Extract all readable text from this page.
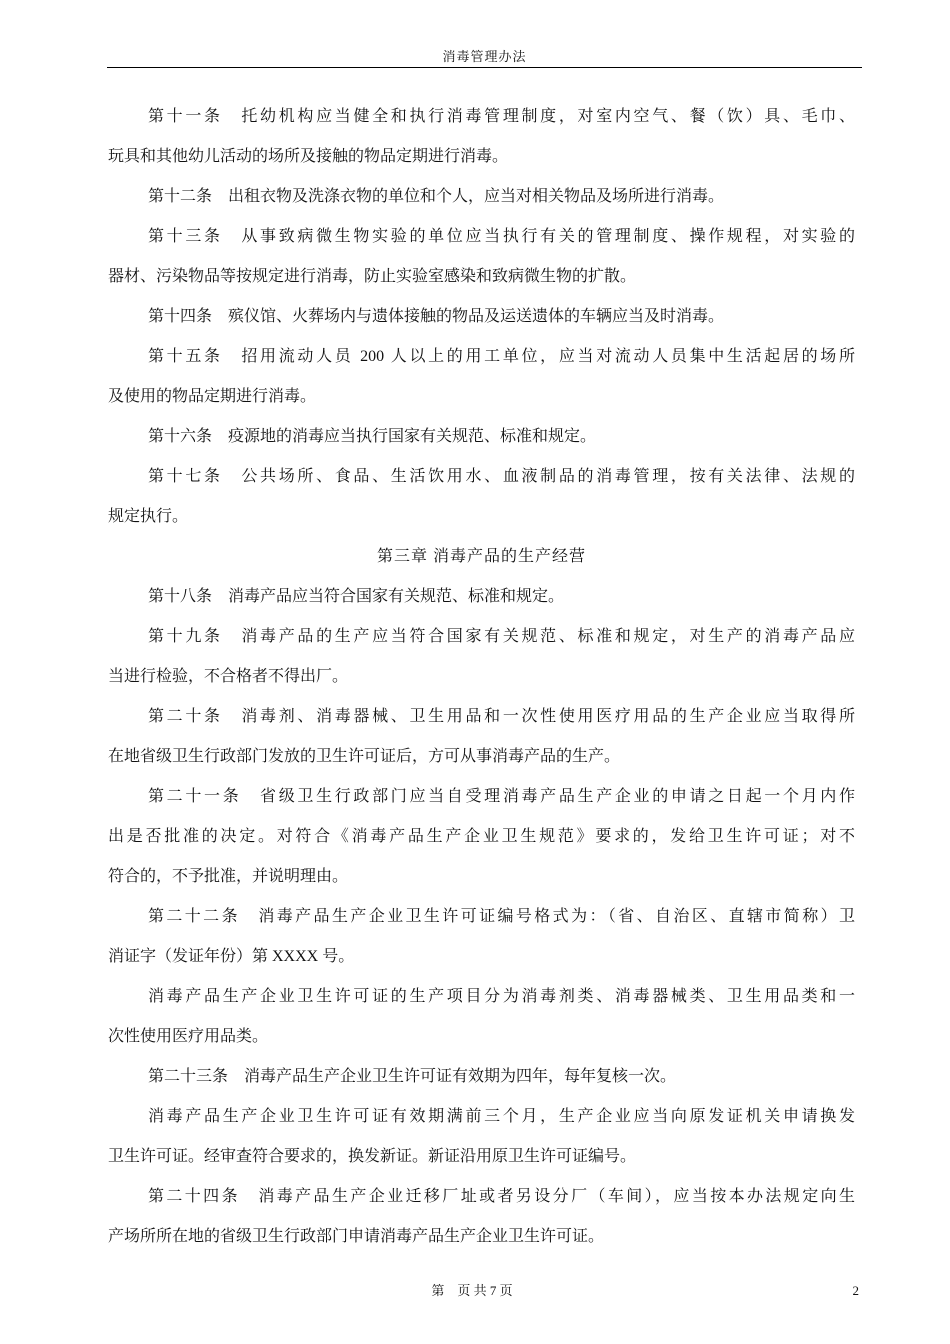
消毒管理办法
第十一条　托幼机构应当健全和执行消毒管理制度，对室内空气、餐（饮）具、毛巾、
玩具和其他幼儿活动的场所及接触的物品定期进行消毒。
第十二条　出租衣物及洗涤衣物的单位和个人，应当对相关物品及场所进行消毒。
第十三条　从事致病微生物实验的单位应当执行有关的管理制度、操作规程，对实验的
器材、污染物品等按规定进行消毒，防止实验室感染和致病微生物的扩散。
第十四条　殡仪馆、火葬场内与遗体接触的物品及运送遗体的车辆应当及时消毒。
第十五条　招用流动人员 200 人以上的用工单位，应当对流动人员集中生活起居的场所
及使用的物品定期进行消毒。
第十六条　疫源地的消毒应当执行国家有关规范、标准和规定。
第十七条　公共场所、食品、生活饮用水、血液制品的消毒管理，按有关法律、法规的
规定执行。
第三章 消毒产品的生产经营
第十八条　消毒产品应当符合国家有关规范、标准和规定。
第十九条　消毒产品的生产应当符合国家有关规范、标准和规定，对生产的消毒产品应
当进行检验，不合格者不得出厂。
第二十条　消毒剂、消毒器械、卫生用品和一次性使用医疗用品的生产企业应当取得所
在地省级卫生行政部门发放的卫生许可证后，方可从事消毒产品的生产。
第二十一条　省级卫生行政部门应当自受理消毒产品生产企业的申请之日起一个月内作
出是否批准的决定。对符合《消毒产品生产企业卫生规范》要求的，发给卫生许可证；对不
符合的，不予批准，并说明理由。
第二十二条　消毒产品生产企业卫生许可证编号格式为：（省、自治区、直辖市简称）卫
消证字（发证年份）第 XXXX 号。
消毒产品生产企业卫生许可证的生产项目分为消毒剂类、消毒器械类、卫生用品类和一
次性使用医疗用品类。
第二十三条　消毒产品生产企业卫生许可证有效期为四年，每年复核一次。
消毒产品生产企业卫生许可证有效期满前三个月，生产企业应当向原发证机关申请换发
卫生许可证。经审查符合要求的，换发新证。新证沿用原卫生许可证编号。
第二十四条　消毒产品生产企业迁移厂址或者另设分厂（车间），应当按本办法规定向生
产场所所在地的省级卫生行政部门申请消毒产品生产企业卫生许可证。
第　页 共 7 页	2
